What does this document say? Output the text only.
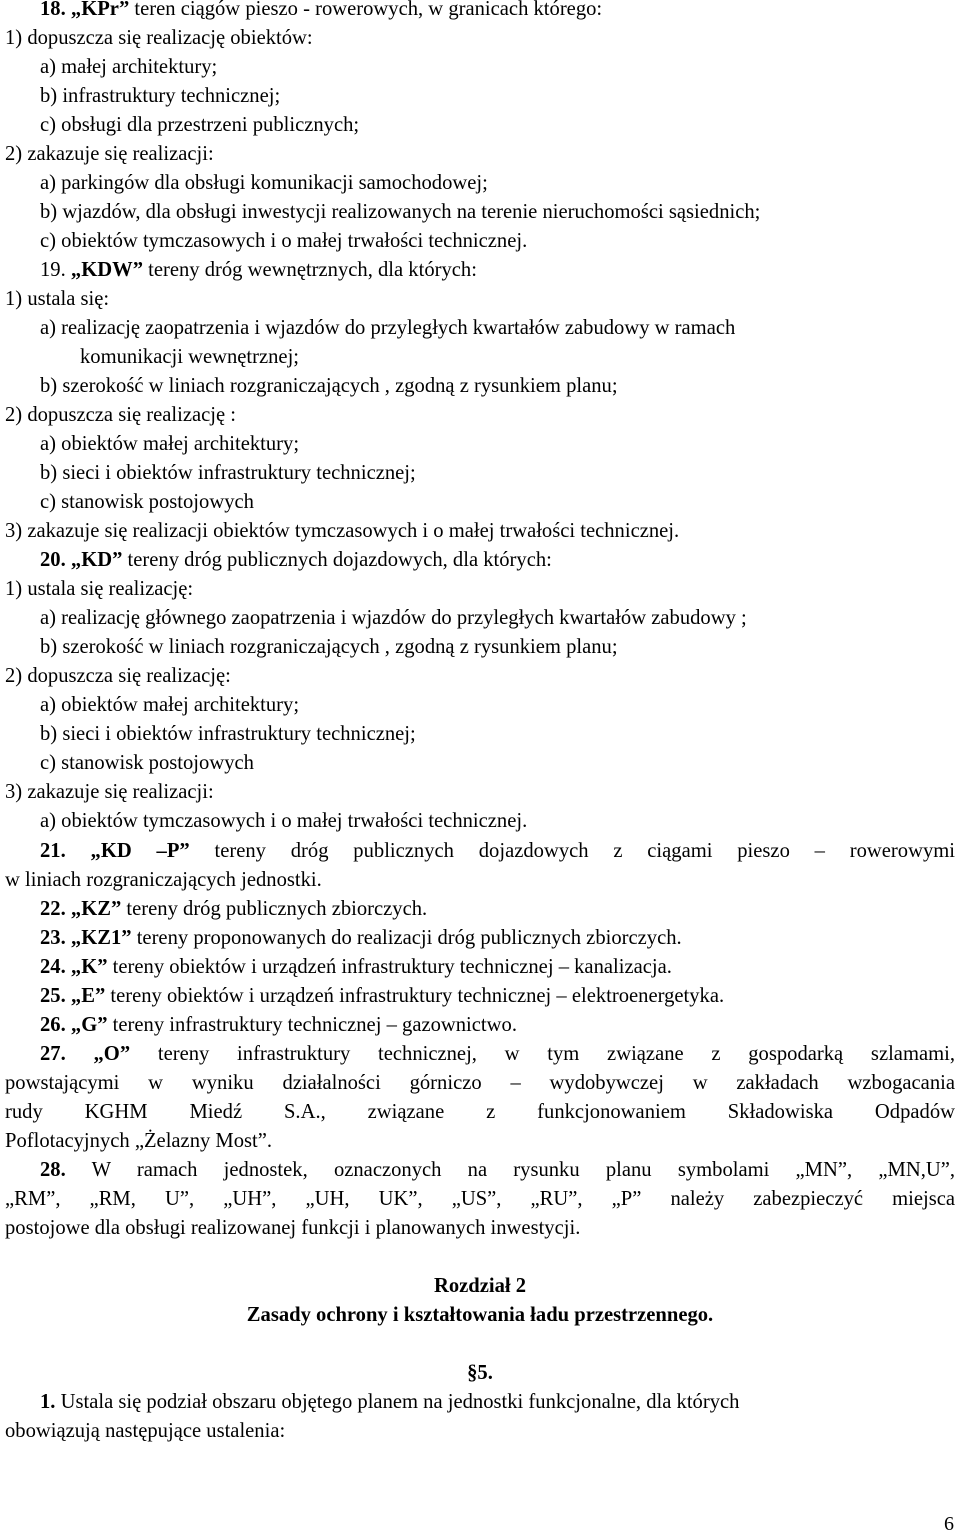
18. „KPr” teren ciągów pieszo - rowerowych, w granicach którego:
1) dopuszcza się realizację obiektów:
a) małej architektury;
b) infrastruktury technicznej;
c) obsługi dla przestrzeni publicznych;
2) zakazuje się realizacji:
a) parkingów dla obsługi komunikacji samochodowej;
b) wjazdów, dla obsługi inwestycji realizowanych na terenie nieruchomości sąsiednich;
c) obiektów tymczasowych i o małej trwałości technicznej.
19. „KDW” tereny dróg wewnętrznych, dla których:
1) ustala się:
a) realizację zaopatrzenia i wjazdów do przyległych kwartałów zabudowy w ramach
komunikacji wewnętrznej;
b) szerokość w liniach rozgraniczających , zgodną z rysunkiem planu;
2) dopuszcza się realizację :
a) obiektów małej architektury;
b) sieci i obiektów infrastruktury technicznej;
c) stanowisk postojowych
3) zakazuje się realizacji obiektów tymczasowych i o małej trwałości technicznej.
20. „KD” tereny dróg publicznych dojazdowych, dla których:
1) ustala się realizację:
a) realizację głównego zaopatrzenia i wjazdów do przyległych kwartałów zabudowy ;
b) szerokość w liniach rozgraniczających , zgodną z rysunkiem planu;
2) dopuszcza się realizację:
a) obiektów małej architektury;
b) sieci i obiektów infrastruktury technicznej;
c) stanowisk postojowych
3) zakazuje się realizacji:
a) obiektów tymczasowych i o małej trwałości technicznej.
21. „KD –P” tereny dróg publicznych dojazdowych z ciągami pieszo – rowerowymi
w liniach rozgraniczających jednostki.
22. „KZ” tereny dróg publicznych zbiorczych.
23. „KZ1” tereny proponowanych do realizacji dróg publicznych zbiorczych.
24. „K” tereny obiektów i urządzeń infrastruktury technicznej – kanalizacja.
25. „E” tereny obiektów i urządzeń infrastruktury technicznej – elektroenergetyka.
26. „G” tereny infrastruktury technicznej – gazownictwo.
27. „O” tereny infrastruktury technicznej, w tym związane z gospodarką szlamami,
powstającymi w wyniku działalności górniczo – wydobywczej w zakładach wzbogacania
rudy KGHM Miedź S.A., związane z funkcjonowaniem Składowiska Odpadów
Poflotacyjnych „Żelazny Most”.
28. W ramach jednostek, oznaczonych na rysunku planu symbolami „MN”, „MN,U”,
„RM”, „RM, U”, „UH”, „UH, UK”, „US”, „RU”, „P” należy zabezpieczyć miejsca
postojowe dla obsługi realizowanej funkcji i planowanych inwestycji.
Rozdział 2
Zasady ochrony i kształtowania ładu przestrzennego.
§5.
1. Ustala się podział obszaru objętego planem na jednostki funkcjonalne, dla których
obowiązują następujące ustalenia:
6
